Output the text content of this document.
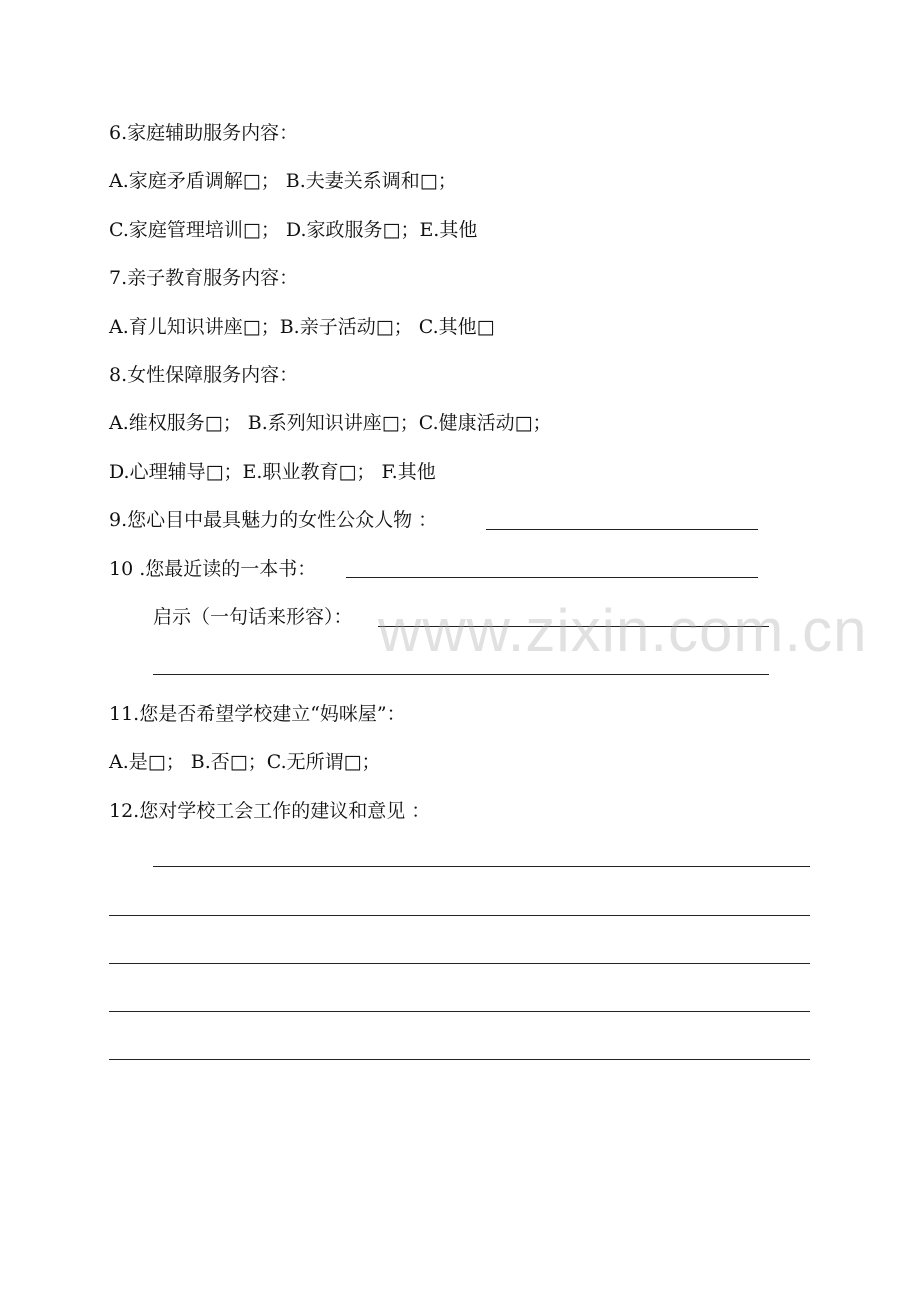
6.家庭辅助服务内容：
A.家庭矛盾调解□； B.夫妻关系调和□；
C.家庭管理培训□； D.家政服务□；E.其他
7.亲子教育服务内容：
A.育儿知识讲座□；B.亲子活动□； C.其他□
8.女性保障服务内容：
A.维权服务□； B.系列知识讲座□；C.健康活动□；
D.心理辅导□；E.职业教育□； F.其他
9.您心目中最具魅力的女性公众人物 ：
10 .您最近读的一本书：
启示（一句话来形容）：
11.您是否希望学校建立“妈咪屋”：
A.是□； B.否□；C.无所谓□；
12.您对学校工会工作的建议和意见 ：
www.zixin.com.cn
